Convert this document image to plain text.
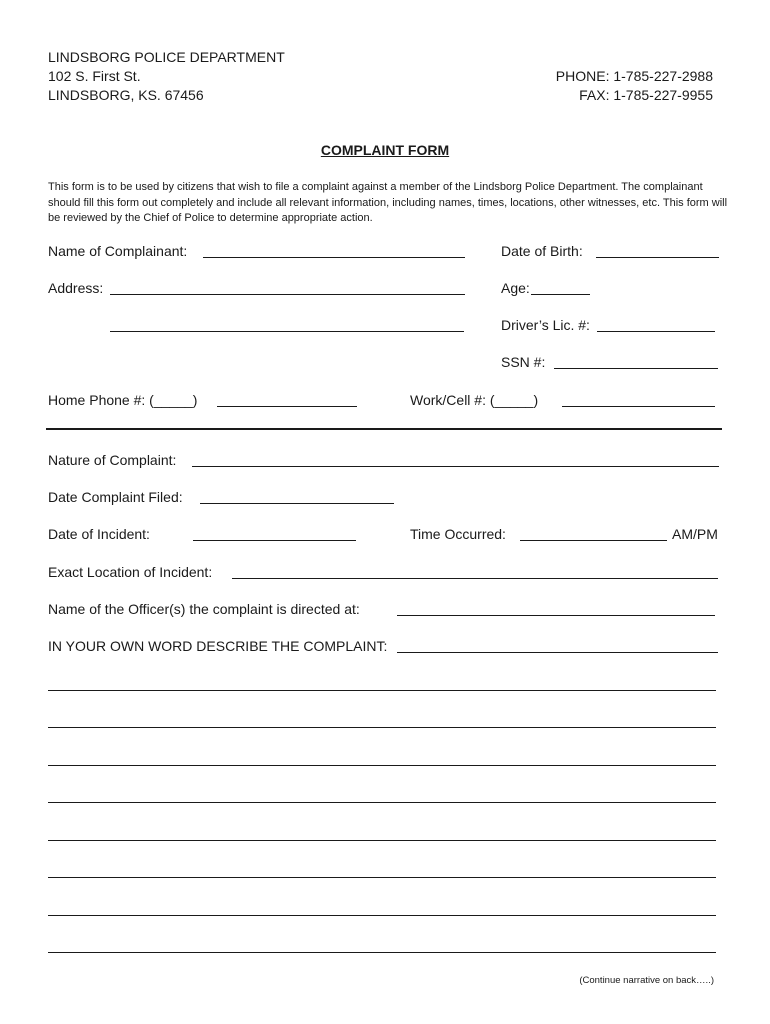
LINDSBORG POLICE DEPARTMENT
102 S. First St.
LINDSBORG, KS. 67456
PHONE: 1-785-227-2988
FAX: 1-785-227-9955
COMPLAINT FORM
This form is to be used by citizens that wish to file a complaint against a member of the Lindsborg Police Department. The complainant should fill this form out completely and include all relevant information, including names, times, locations, other witnesses, etc. This form will be reviewed by the Chief of Police to determine appropriate action.
Name of Complainant:	Date of Birth:
Address:	Age:
Driver’s Lic. #:
SSN #:
Home Phone #: (_____)	Work/Cell #: (_____)
Nature of Complaint:
Date Complaint Filed:
Date of Incident:	Time Occurred:	AM/PM
Exact Location of Incident:
Name of the Officer(s) the complaint is directed at:
IN YOUR OWN WORD DESCRIBE THE COMPLAINT:
(Continue narrative on back…..)
